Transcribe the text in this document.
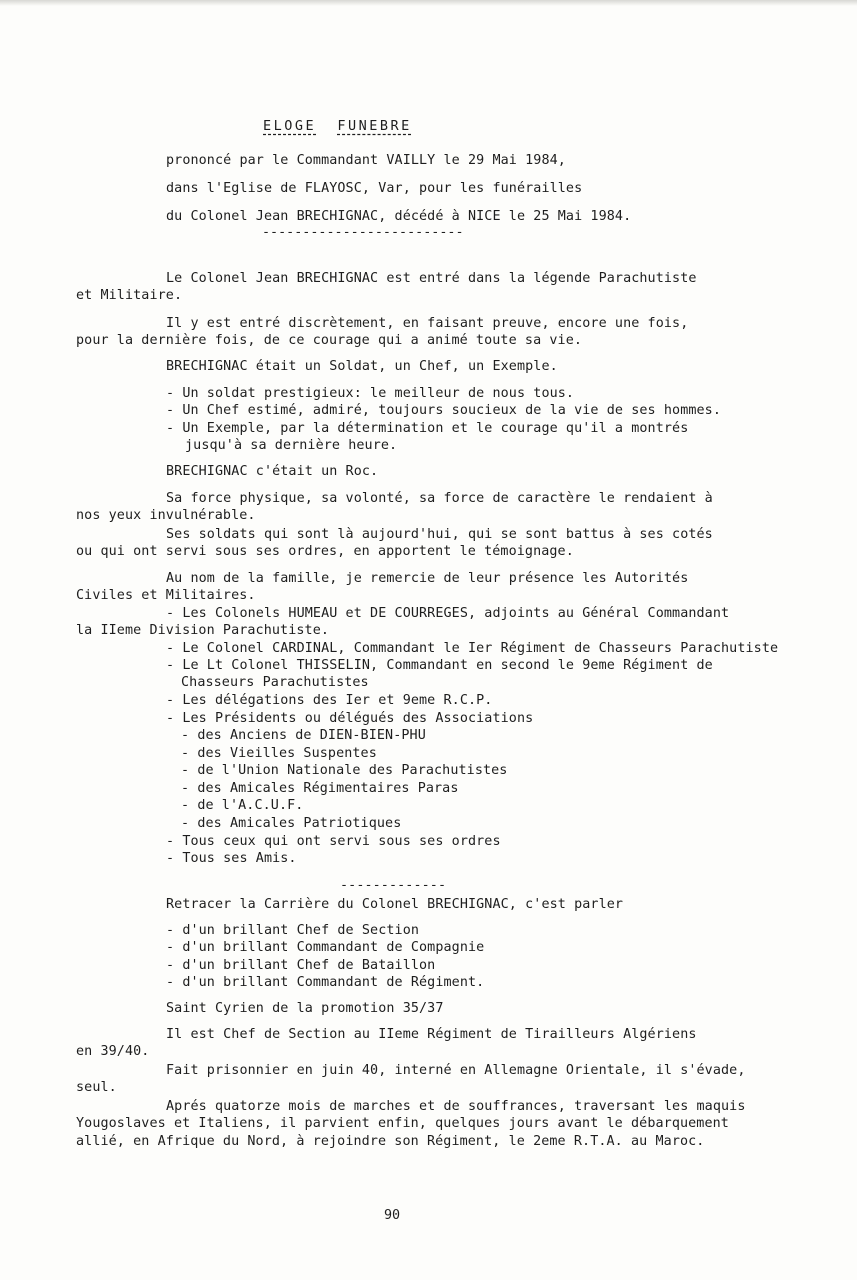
ELOGE FUNEBRE
prononcé par le Commandant VAILLY le 29 Mai 1984,
dans l'Eglise de FLAYOSC, Var, pour les funérailles
du Colonel Jean BRECHIGNAC, décédé à NICE le 25 Mai 1984.
-------------------------
Le Colonel Jean BRECHIGNAC est entré dans la légende Parachutiste
et Militaire.
Il y est entré discrètement, en faisant preuve, encore une fois,
pour la dernière fois, de ce courage qui a animé toute sa vie.
BRECHIGNAC était un Soldat, un Chef, un Exemple.
- Un soldat prestigieux: le meilleur de nous tous.
- Un Chef estimé, admiré, toujours soucieux de la vie de ses hommes.
- Un Exemple, par la détermination et le courage qu'il a montrés
jusqu'à sa dernière heure.
BRECHIGNAC c'était un Roc.
Sa force physique, sa volonté, sa force de caractère le rendaient à
nos yeux invulnérable.
Ses soldats qui sont là aujourd'hui, qui se sont battus à ses cotés
ou qui ont servi sous ses ordres, en apportent le témoignage.
Au nom de la famille, je remercie de leur présence les Autorités
Civiles et Militaires.
- Les Colonels HUMEAU et DE COURREGES, adjoints au Général Commandant
la IIeme Division Parachutiste.
- Le Colonel CARDINAL, Commandant le Ier Régiment de Chasseurs Parachutiste
- Le Lt Colonel THISSELIN, Commandant en second le 9eme Régiment de
Chasseurs Parachutistes
- Les délégations des Ier et 9eme R.C.P.
- Les Présidents ou délégués des Associations
- des Anciens de DIEN-BIEN-PHU
- des Vieilles Suspentes
- de l'Union Nationale des Parachutistes
- des Amicales Régimentaires Paras
- de l'A.C.U.F.
- des Amicales Patriotiques
- Tous ceux qui ont servi sous ses ordres
- Tous ses Amis.
-------------
Retracer la Carrière du Colonel BRECHIGNAC, c'est parler
- d'un brillant Chef de Section
- d'un brillant Commandant de Compagnie
- d'un brillant Chef de Bataillon
- d'un brillant Commandant de Régiment.
Saint Cyrien de la promotion 35/37
Il est Chef de Section au IIeme Régiment de Tirailleurs Algériens
en 39/40.
Fait prisonnier en juin 40, interné en Allemagne Orientale, il s'évade,
seul.
Aprés quatorze mois de marches et de souffrances, traversant les maquis
Yougoslaves et Italiens, il parvient enfin, quelques jours avant le débarquement
allié, en Afrique du Nord, à rejoindre son Régiment, le 2eme R.T.A. au Maroc.
90
